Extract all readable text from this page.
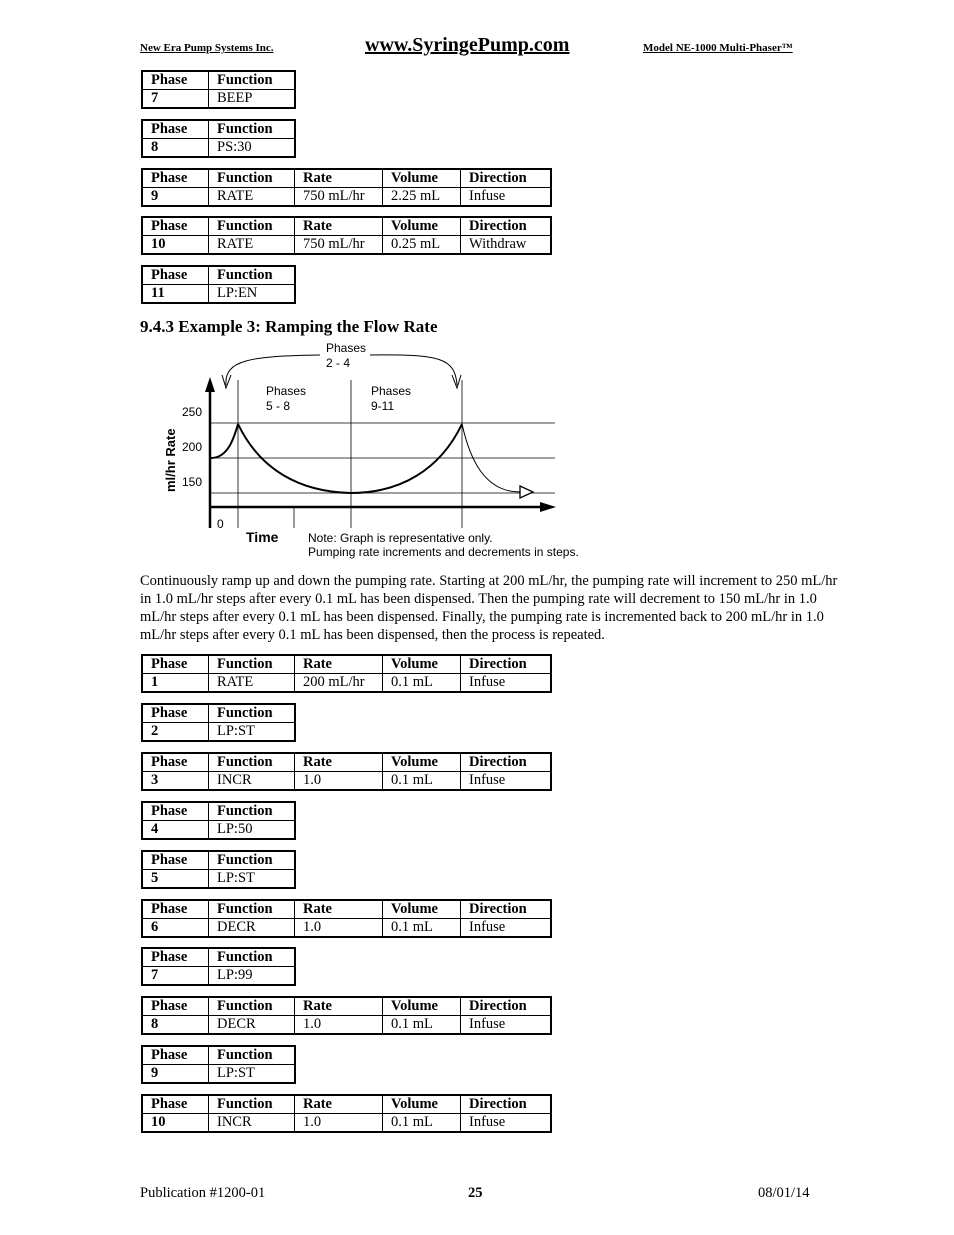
New Era Pump Systems Inc.	www.SyringePump.com	Model NE-1000 Multi-Phaser™
Phase	Function
7	BEEP
Phase	Function
8	PS:30
Phase	Function	Rate	Volume	Direction
9	RATE	750 mL/hr	2.25 mL	Infuse
Phase	Function	Rate	Volume	Direction
10	RATE	750 mL/hr	0.25 mL	Withdraw
Phase	Function
11	LP:EN
9.4.3 Example 3: Ramping the Flow Rate
Phases
2 - 4
Phases
5 - 8
Phases
9-11
250
200
150
0
ml/hr Rate
Time Note: Graph is representative only.
Pumping rate increments and decrements in steps.
Continuously ramp up and down the pumping rate. Starting at 200 mL/hr, the pumping rate will increment to 250 mL/hr in 1.0 mL/hr steps after every 0.1 mL has been dispensed. Then the pumping rate will decrement to 150 mL/hr in 1.0 mL/hr steps after every 0.1 mL has been dispensed. Finally, the pumping rate is incremented back to 200 mL/hr in 1.0 mL/hr steps after every 0.1 mL has been dispensed, then the process is repeated.
Phase	Function	Rate	Volume	Direction
1	RATE	200 mL/hr	0.1 mL	Infuse
Phase	Function
2	LP:ST
Phase	Function	Rate	Volume	Direction
3	INCR	1.0	0.1 mL	Infuse
Phase	Function
4	LP:50
Phase	Function
5	LP:ST
Phase	Function	Rate	Volume	Direction
6	DECR	1.0	0.1 mL	Infuse
Phase	Function
7	LP:99
Phase	Function	Rate	Volume	Direction
8	DECR	1.0	0.1 mL	Infuse
Phase	Function
9	LP:ST
Phase	Function	Rate	Volume	Direction
10	INCR	1.0	0.1 mL	Infuse
Publication #1200-01	25	08/01/14
